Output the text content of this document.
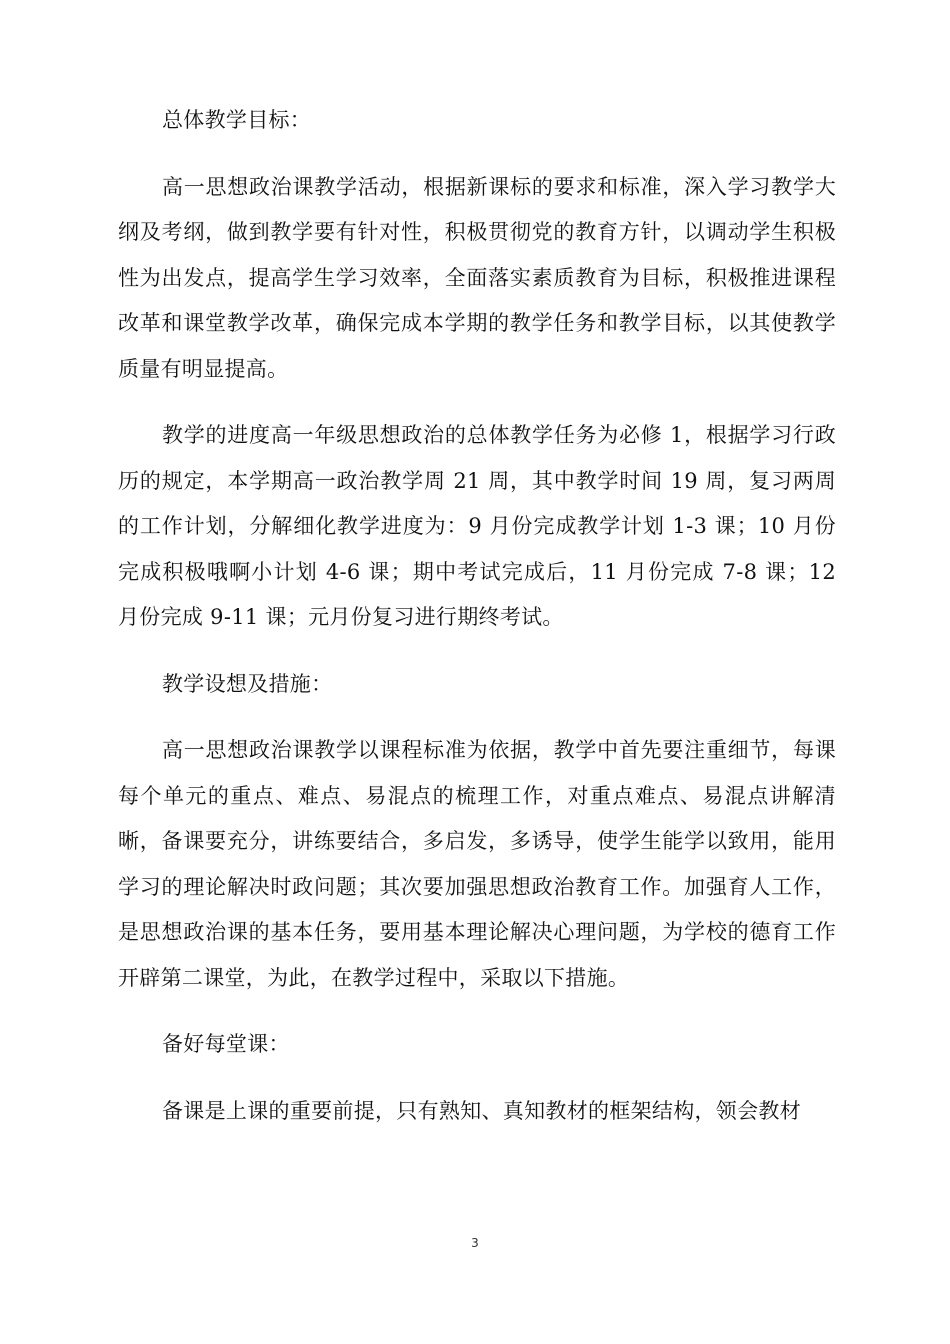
总体教学目标：

高一思想政治课教学活动，根据新课标的要求和标准，深入学习教学大纲及考纲，做到教学要有针对性，积极贯彻党的教育方针，以调动学生积极性为出发点，提高学生学习效率，全面落实素质教育为目标，积极推进课程改革和课堂教学改革，确保完成本学期的教学任务和教学目标，以其使教学质量有明显提高。

教学的进度高一年级思想政治的总体教学任务为必修 1，根据学习行政历的规定，本学期高一政治教学周 21 周，其中教学时间 19 周，复习两周的工作计划，分解细化教学进度为：9 月份完成教学计划 1-3 课；10 月份完成积极哦啊小计划 4-6 课；期中考试完成后，11 月份完成 7-8 课；12 月份完成 9-11 课；元月份复习进行期终考试。

教学设想及措施：

高一思想政治课教学以课程标准为依据，教学中首先要注重细节，每课每个单元的重点、难点、易混点的梳理工作，对重点难点、易混点讲解清晰，备课要充分，讲练要结合，多启发，多诱导，使学生能学以致用，能用学习的理论解决时政问题；其次要加强思想政治教育工作。加强育人工作，是思想政治课的基本任务，要用基本理论解决心理问题，为学校的德育工作开辟第二课堂，为此，在教学过程中，采取以下措施。

备好每堂课：

备课是上课的重要前提，只有熟知、真知教材的框架结构，领会教材

3
